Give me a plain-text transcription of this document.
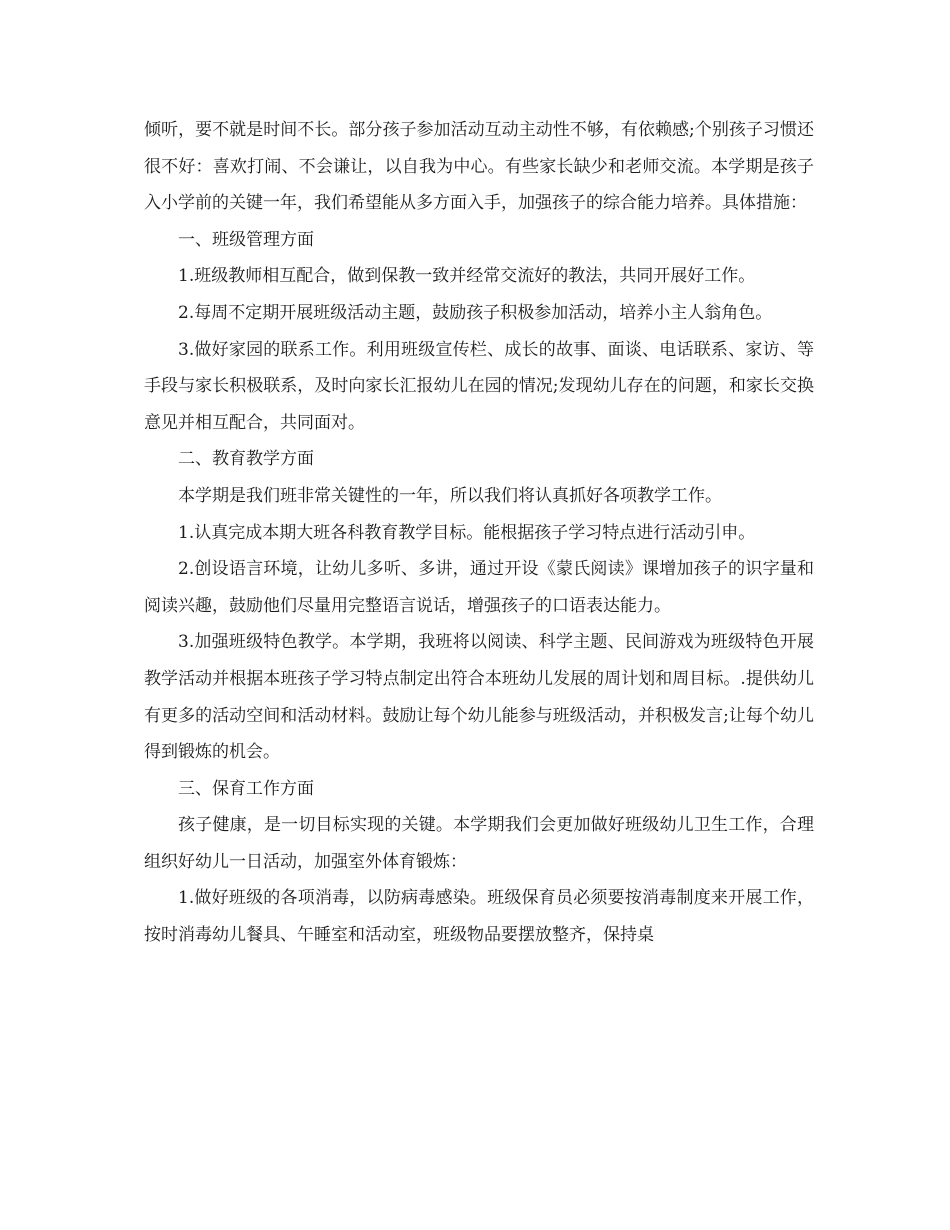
倾听，要不就是时间不长。部分孩子参加活动互动主动性不够，有依赖感;个别孩子习惯还很不好：喜欢打闹、不会谦让，以自我为中心。有些家长缺少和老师交流。本学期是孩子入小学前的关键一年，我们希望能从多方面入手，加强孩子的综合能力培养。具体措施：

一、班级管理方面

1.班级教师相互配合，做到保教一致并经常交流好的教法，共同开展好工作。

2.每周不定期开展班级活动主题，鼓励孩子积极参加活动，培养小主人翁角色。

3.做好家园的联系工作。利用班级宣传栏、成长的故事、面谈、电话联系、家访、等手段与家长积极联系，及时向家长汇报幼儿在园的情况;发现幼儿存在的问题，和家长交换意见并相互配合，共同面对。

二、教育教学方面

本学期是我们班非常关键性的一年，所以我们将认真抓好各项教学工作。

1.认真完成本期大班各科教育教学目标。能根据孩子学习特点进行活动引申。

2.创设语言环境，让幼儿多听、多讲，通过开设《蒙氏阅读》课增加孩子的识字量和阅读兴趣，鼓励他们尽量用完整语言说话，增强孩子的口语表达能力。

3.加强班级特色教学。本学期，我班将以阅读、科学主题、民间游戏为班级特色开展教学活动并根据本班孩子学习特点制定出符合本班幼儿发展的周计划和周目标。.提供幼儿有更多的活动空间和活动材料。鼓励让每个幼儿能参与班级活动，并积极发言;让每个幼儿得到锻炼的机会。

三、保育工作方面

孩子健康，是一切目标实现的关键。本学期我们会更加做好班级幼儿卫生工作，合理组织好幼儿一日活动，加强室外体育锻炼：

1.做好班级的各项消毒，以防病毒感染。班级保育员必须要按消毒制度来开展工作，按时消毒幼儿餐具、午睡室和活动室，班级物品要摆放整齐，保持桌
